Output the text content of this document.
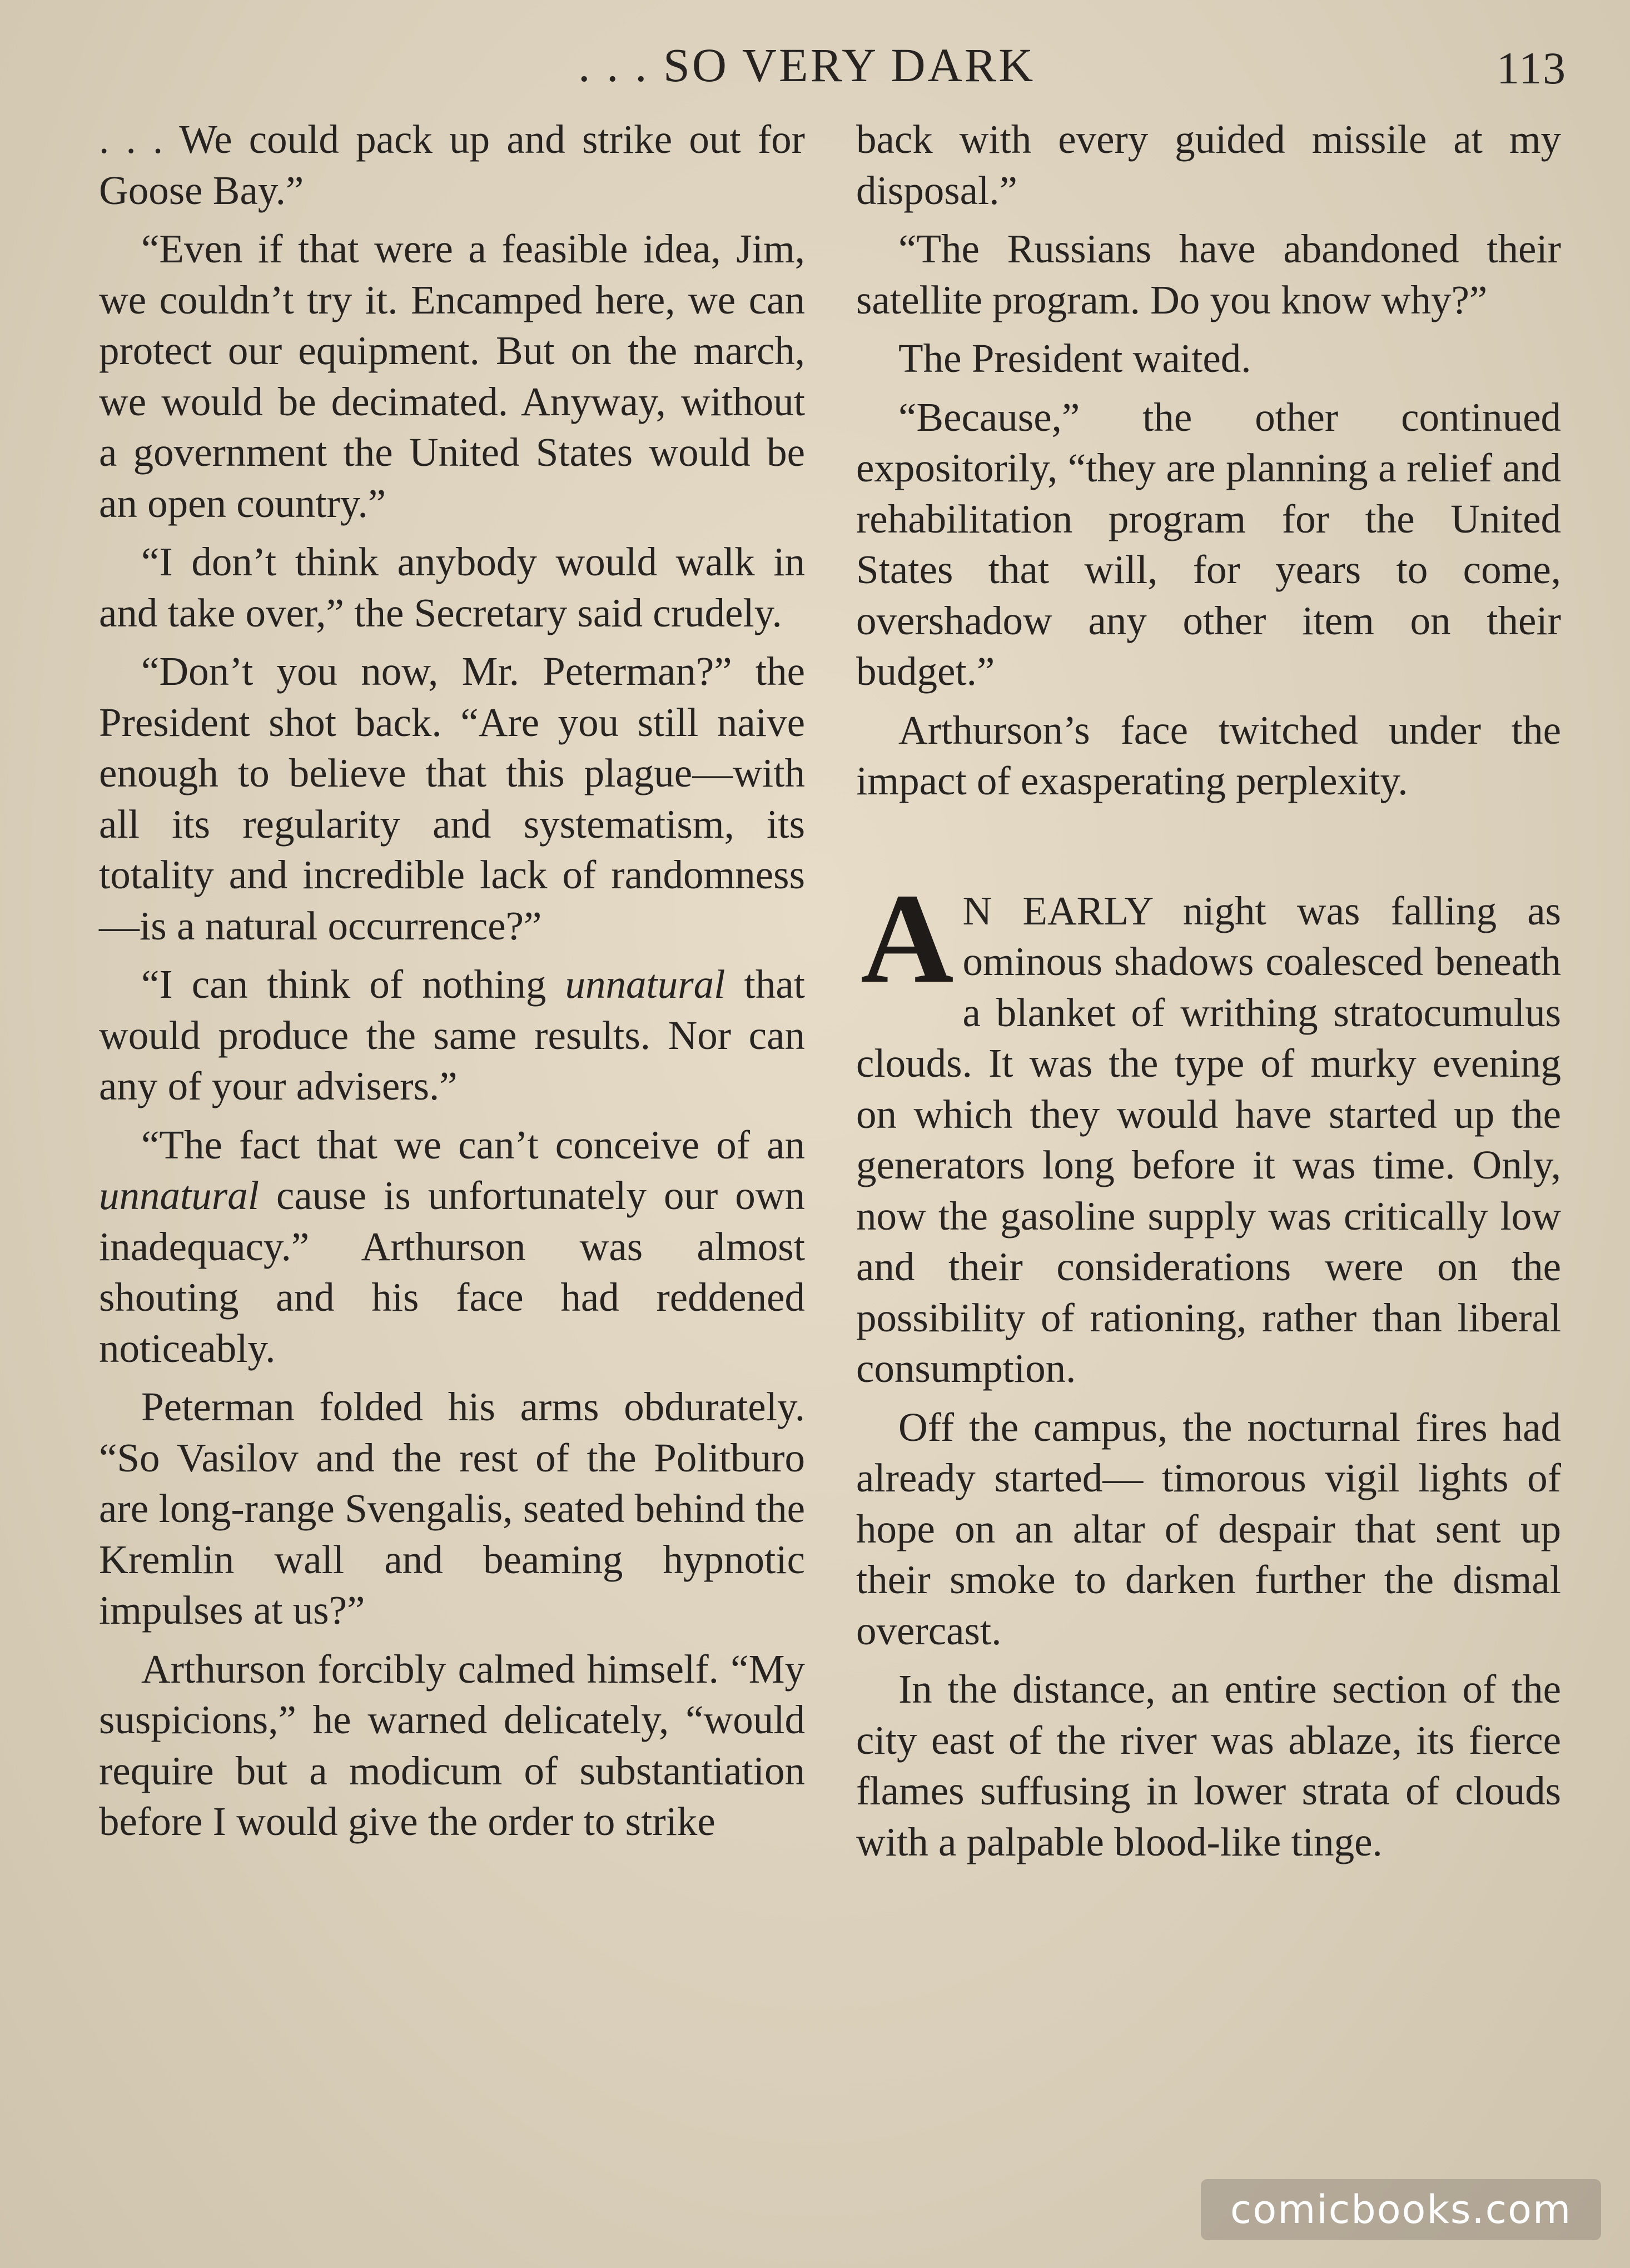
. . . SO VERY DARK	113

. . . We could pack up and strike out for Goose Bay.”

“Even if that were a feasible idea, Jim, we couldn’t try it. Encamped here, we can protect our equipment. But on the march, we would be decimated. Anyway, without a government the United States would be an open country.”

“I don’t think anybody would walk in and take over,” the Secretary said crudely.

“Don’t you now, Mr. Peterman?” the President shot back. “Are you still naive enough to believe that this plague—with all its regularity and systematism, its totality and incredible lack of randomness—is a natural occurrence?”

“I can think of nothing unnatural that would produce the same results. Nor can any of your advisers.”

“The fact that we can’t conceive of an unnatural cause is unfortunately our own inadequacy.” Arthurson was almost shouting and his face had reddened noticeably.

Peterman folded his arms obdurately. “So Vasilov and the rest of the Politburo are long-range Svengalis, seated behind the Kremlin wall and beaming hypnotic impulses at us?”

Arthurson forcibly calmed himself. “My suspicions,” he warned delicately, “would require but a modicum of substantiation before I would give the order to strike

back with every guided missile at my disposal.”

“The Russians have abandoned their satellite program. Do you know why?”

The President waited.

“Because,” the other continued expositorily, “they are planning a relief and rehabilitation program for the United States that will, for years to come, overshadow any other item on their budget.”

Arthurson’s face twitched under the impact of exasperating perplexity.

A N EARLY night was falling as ominous shadows coalesced beneath a blanket of writhing stratocumulus clouds. It was the type of murky evening on which they would have started up the generators long before it was time. Only, now the gasoline supply was critically low and their considerations were on the possibility of rationing, rather than liberal consumption.

Off the campus, the nocturnal fires had already started— timorous vigil lights of hope on an altar of despair that sent up their smoke to darken further the dismal overcast.

In the distance, an entire section of the city east of the river was ablaze, its fierce flames suffusing in lower strata of clouds with a palpable blood-like tinge.

comicbooks.com
